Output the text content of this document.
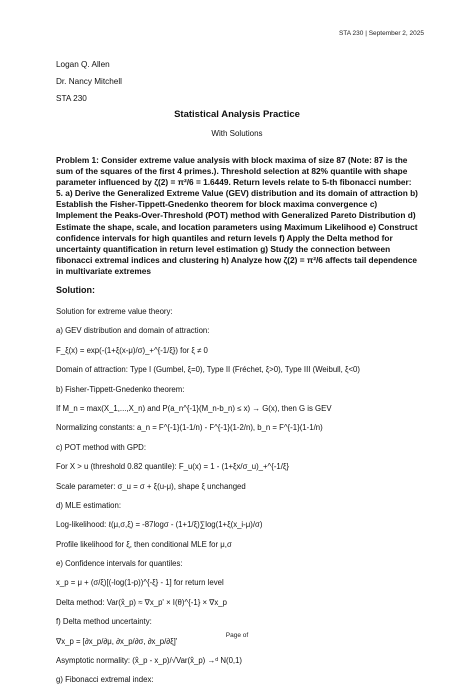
STA 230 | September 2, 2025
Logan Q. Allen
Dr. Nancy Mitchell
STA 230
Statistical Analysis Practice
With Solutions
Problem 1: Consider extreme value analysis with block maxima of size 87 (Note: 87 is the sum of the squares of the first 4 primes.). Threshold selection at 82% quantile with shape parameter influenced by ζ(2) = π²/6 = 1.6449. Return levels relate to 5-th fibonacci number: 5. a) Derive the Generalized Extreme Value (GEV) distribution and its domain of attraction b) Establish the Fisher-Tippett-Gnedenko theorem for block maxima convergence c) Implement the Peaks-Over-Threshold (POT) method with Generalized Pareto Distribution d) Estimate the shape, scale, and location parameters using Maximum Likelihood e) Construct confidence intervals for high quantiles and return levels f) Apply the Delta method for uncertainty quantification in return level estimation g) Study the connection between fibonacci extremal indices and clustering h) Analyze how ζ(2) = π²/6 affects tail dependence in multivariate extremes
Solution:
Solution for extreme value theory:
a) GEV distribution and domain of attraction:
F_ξ(x) = exp(-(1+ξ(x-μ)/σ)_+^{-1/ξ}) for ξ ≠ 0
Domain of attraction: Type I (Gumbel, ξ=0), Type II (Fréchet, ξ>0), Type III (Weibull, ξ<0)
b) Fisher-Tippett-Gnedenko theorem:
If M_n = max(X_1,...,X_n) and P(a_n^{-1}(M_n-b_n) ≤ x) → G(x), then G is GEV
Normalizing constants: a_n = F^{-1}(1-1/n) - F^{-1}(1-2/n), b_n = F^{-1}(1-1/n)
c) POT method with GPD:
For X > u (threshold 0.82 quantile): F_u(x) = 1 - (1+ξx/σ_u)_+^{-1/ξ}
Scale parameter: σ_u = σ + ξ(u-μ), shape ξ unchanged
d) MLE estimation:
Log-likelihood: ℓ(μ,σ,ξ) = -87logσ - (1+1/ξ)∑log(1+ξ(x_i-μ)/σ)
Profile likelihood for ξ, then conditional MLE for μ,σ
e) Confidence intervals for quantiles:
x_p = μ + (σ/ξ)[(-log(1-p))^{-ξ} - 1] for return level
Delta method: Var(x̂_p) ≈ ∇x_p' × I(θ)^{-1} × ∇x_p
f) Delta method uncertainty:
∇x_p = [∂x_p/∂μ, ∂x_p/∂σ, ∂x_p/∂ξ]'
Asymptotic normality: (x̂_p - x_p)/√Var(x̂_p) →ᵈ N(0,1)
g) Fibonacci extremal index:
Page of
